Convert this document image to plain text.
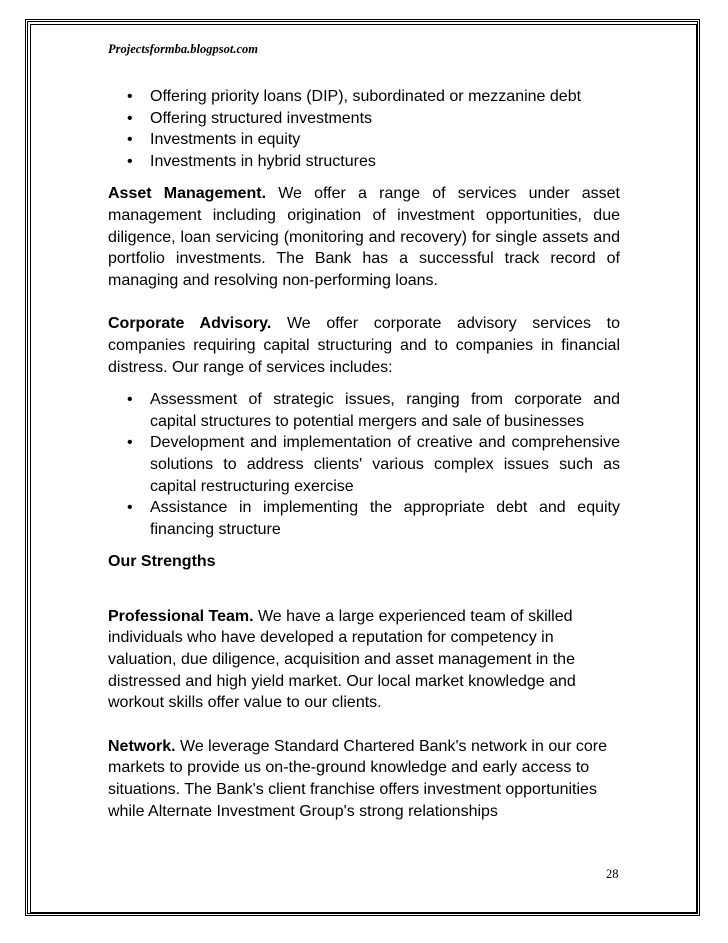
Projectsformba.blogpsot.com
• Offering priority loans (DIP), subordinated or mezzanine debt
• Offering structured investments
• Investments in equity
• Investments in hybrid structures

Asset Management. We offer a range of services under asset management including origination of investment opportunities, due diligence, loan servicing (monitoring and recovery) for single assets and portfolio investments. The Bank has a successful track record of managing and resolving non-performing loans.

Corporate Advisory. We offer corporate advisory services to companies requiring capital structuring and to companies in financial distress. Our range of services includes:

• Assessment of strategic issues, ranging from corporate and capital structures to potential mergers and sale of businesses
• Development and implementation of creative and comprehensive solutions to address clients' various complex issues such as capital restructuring exercise
• Assistance in implementing the appropriate debt and equity financing structure

Our Strengths

Professional Team. We have a large experienced team of skilled individuals who have developed a reputation for competency in valuation, due diligence, acquisition and asset management in the distressed and high yield market. Our local market knowledge and workout skills offer value to our clients.

Network. We leverage Standard Chartered Bank's network in our core markets to provide us on-the-ground knowledge and early access to situations. The Bank's client franchise offers investment opportunities while Alternate Investment Group's strong relationships

28
